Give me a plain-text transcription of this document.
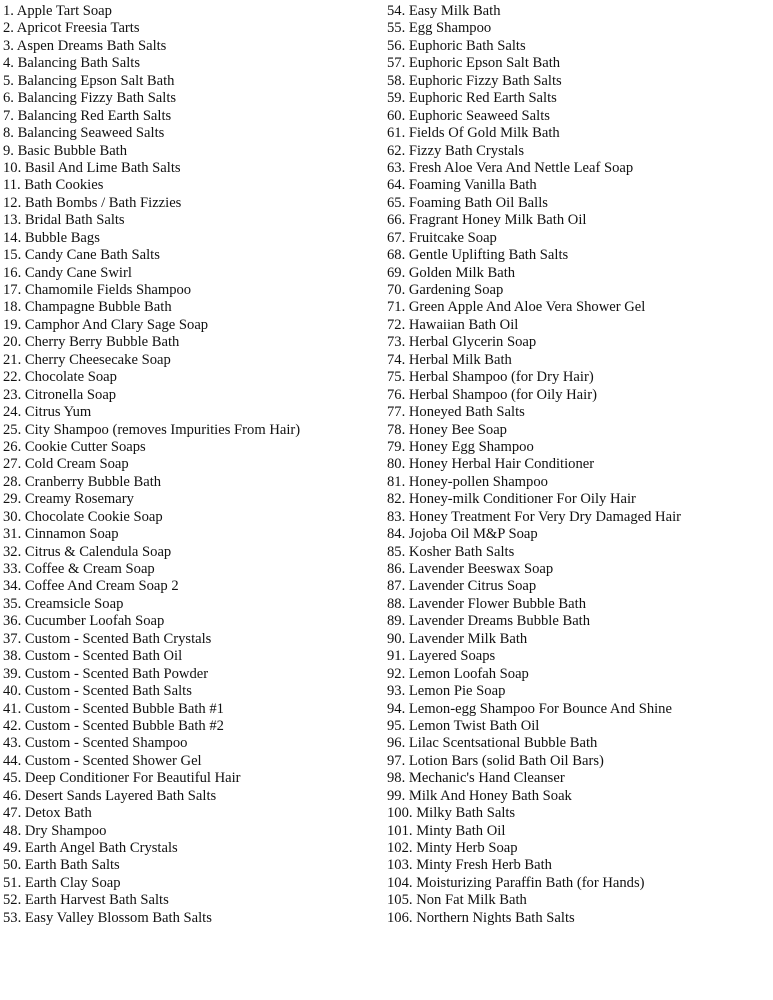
1. Apple Tart Soap
2. Apricot Freesia Tarts
3. Aspen Dreams Bath Salts
4. Balancing Bath Salts
5. Balancing Epson Salt Bath
6. Balancing Fizzy Bath Salts
7. Balancing Red Earth Salts
8. Balancing Seaweed Salts
9. Basic Bubble Bath
10. Basil And Lime Bath Salts
11. Bath Cookies
12. Bath Bombs / Bath Fizzies
13. Bridal Bath Salts
14. Bubble Bags
15. Candy Cane Bath Salts
16. Candy Cane Swirl
17. Chamomile Fields Shampoo
18. Champagne Bubble Bath
19. Camphor And Clary Sage Soap
20. Cherry Berry Bubble Bath
21. Cherry Cheesecake Soap
22. Chocolate Soap
23. Citronella Soap
24. Citrus Yum
25. City Shampoo (removes Impurities From Hair)
26. Cookie Cutter Soaps
27. Cold Cream Soap
28. Cranberry Bubble Bath
29. Creamy Rosemary
30. Chocolate Cookie Soap
31. Cinnamon Soap
32. Citrus & Calendula Soap
33. Coffee & Cream Soap
34. Coffee And Cream Soap 2
35. Creamsicle Soap
36. Cucumber Loofah Soap
37. Custom - Scented Bath Crystals
38. Custom - Scented Bath Oil
39. Custom - Scented Bath Powder
40. Custom - Scented Bath Salts
41. Custom - Scented Bubble Bath #1
42. Custom - Scented Bubble Bath #2
43. Custom - Scented Shampoo
44. Custom - Scented Shower Gel
45. Deep Conditioner For Beautiful Hair
46. Desert Sands Layered Bath Salts
47. Detox Bath
48. Dry Shampoo
49. Earth Angel Bath Crystals
50. Earth Bath Salts
51. Earth Clay Soap
52. Earth Harvest Bath Salts
53. Easy Valley Blossom Bath Salts
54. Easy Milk Bath
55. Egg Shampoo
56. Euphoric Bath Salts
57. Euphoric Epson Salt Bath
58. Euphoric Fizzy Bath Salts
59. Euphoric Red Earth Salts
60. Euphoric Seaweed Salts
61. Fields Of Gold Milk Bath
62. Fizzy Bath Crystals
63. Fresh Aloe Vera And Nettle Leaf Soap
64. Foaming Vanilla Bath
65. Foaming Bath Oil Balls
66. Fragrant Honey Milk Bath Oil
67. Fruitcake Soap
68. Gentle Uplifting Bath Salts
69. Golden Milk Bath
70. Gardening Soap
71. Green Apple And Aloe Vera Shower Gel
72. Hawaiian Bath Oil
73. Herbal Glycerin Soap
74. Herbal Milk Bath
75. Herbal Shampoo (for Dry Hair)
76. Herbal Shampoo (for Oily Hair)
77. Honeyed Bath Salts
78. Honey Bee Soap
79. Honey Egg Shampoo
80. Honey Herbal Hair Conditioner
81. Honey-pollen Shampoo
82. Honey-milk Conditioner For Oily Hair
83. Honey Treatment For Very Dry Damaged Hair
84. Jojoba Oil M&P Soap
85. Kosher Bath Salts
86. Lavender Beeswax Soap
87. Lavender Citrus Soap
88. Lavender Flower Bubble Bath
89. Lavender Dreams Bubble Bath
90. Lavender Milk Bath
91. Layered Soaps
92. Lemon Loofah Soap
93. Lemon Pie Soap
94. Lemon-egg Shampoo For Bounce And Shine
95. Lemon Twist Bath Oil
96. Lilac Scentsational Bubble Bath
97. Lotion Bars (solid Bath Oil Bars)
98. Mechanic's Hand Cleanser
99. Milk And Honey Bath Soak
100. Milky Bath Salts
101. Minty Bath Oil
102. Minty Herb Soap
103. Minty Fresh Herb Bath
104. Moisturizing Paraffin Bath (for Hands)
105. Non Fat Milk Bath
106. Northern Nights Bath Salts
